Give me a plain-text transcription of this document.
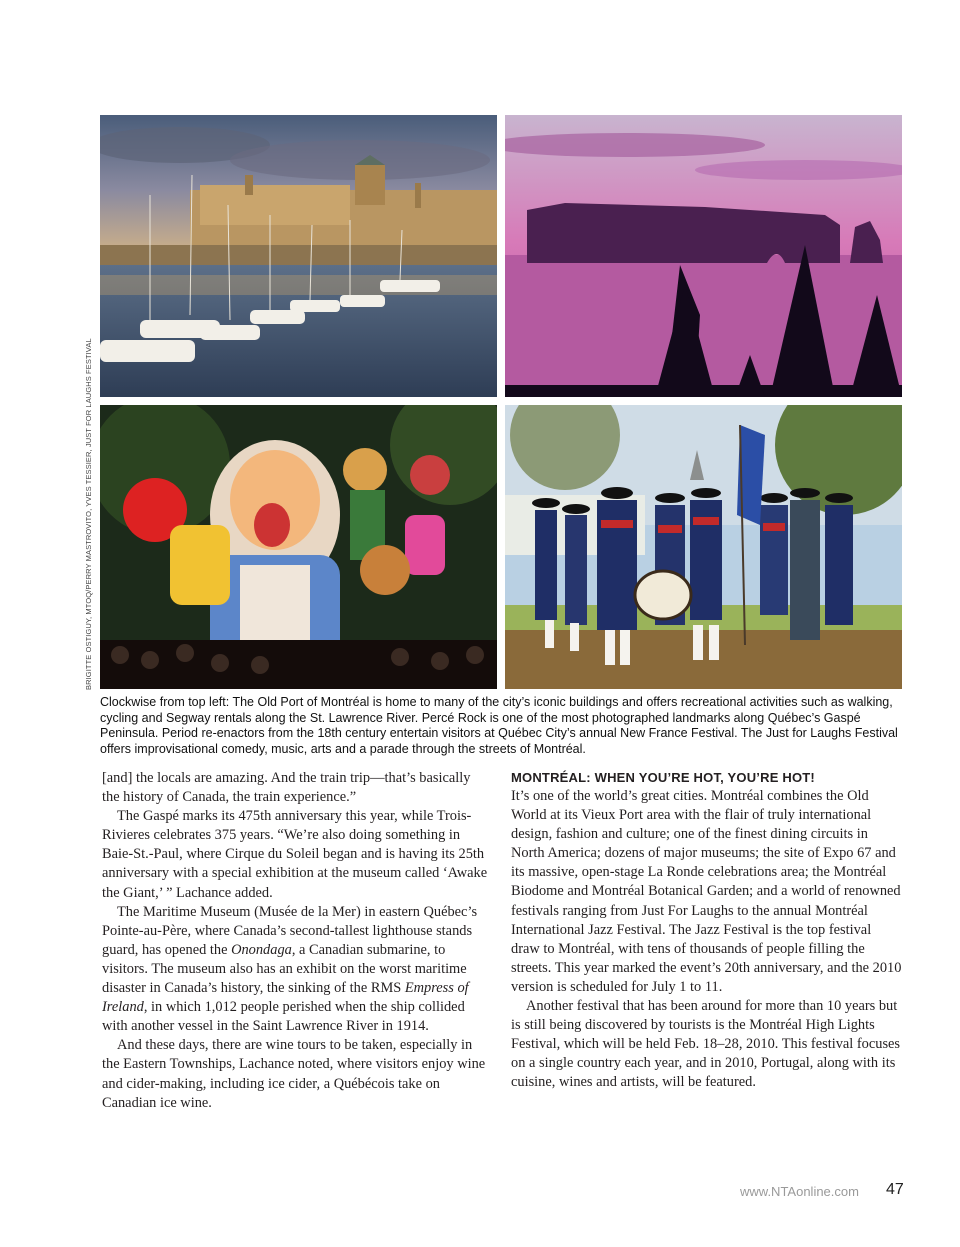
BRIGITTE OSTIGUY, MTOQ/PERRY MASTROVITO, YVES TESSIER, JUST FOR LAUGHS FESTIVAL
Clockwise from top left: The Old Port of Montréal is home to many of the city’s iconic buildings and offers recreational activities such as walking, cycling and Segway rentals along the St. Lawrence River. Percé Rock is one of the most photographed landmarks along Québec’s Gaspé Peninsula. Period re-enactors from the 18th century entertain visitors at Québec City’s annual New France Festival. The Just for Laughs Festival offers improvisational comedy, music, arts and a parade through the streets of Montréal.

[and] the locals are amazing. And the train trip—that’s basically the history of Canada, the train experience.”

The Gaspé marks its 475th anniversary this year, while Trois-Rivieres celebrates 375 years. “We’re also doing something in Baie-St.-Paul, where Cirque du Soleil began and is having its 25th anniversary with a special exhibition at the museum called ‘Awake the Giant,’ ” Lachance added.

The Maritime Museum (Musée de la Mer) in eastern Québec’s Pointe-au-Père, where Canada’s second-tallest lighthouse stands guard, has opened the Onondaga, a Canadian submarine, to visitors. The museum also has an exhibit on the worst maritime disaster in Canada’s history, the sinking of the RMS Empress of Ireland, in which 1,012 people perished when the ship collided with another vessel in the Saint Lawrence River in 1914.

And these days, there are wine tours to be taken, especially in the Eastern Townships, Lachance noted, where visitors enjoy wine and cider-making, including ice cider, a Québécois take on Canadian ice wine.

MONTRÉAL: WHEN YOU’RE HOT, YOU’RE HOT!

It’s one of the world’s great cities. Montréal combines the Old World at its Vieux Port area with the flair of truly international design, fashion and culture; one of the finest dining circuits in North America; dozens of major museums; the site of Expo 67 and its massive, open-stage La Ronde celebrations area; the Montréal Biodome and Montréal Botanical Garden; and a world of renowned festivals ranging from Just For Laughs to the annual Montréal International Jazz Festival. The Jazz Festival is the top festival draw to Montréal, with tens of thousands of people filling the streets. This year marked the event’s 20th anniversary, and the 2010 version is scheduled for July 1 to 11.

Another festival that has been around for more than 10 years but is still being discovered by tourists is the Montréal High Lights Festival, which will be held Feb. 18–28, 2010. This festival focuses on a single country each year, and in 2010, Portugal, along with its cuisine, wines and artists, will be featured.

www.NTAonline.com 47
